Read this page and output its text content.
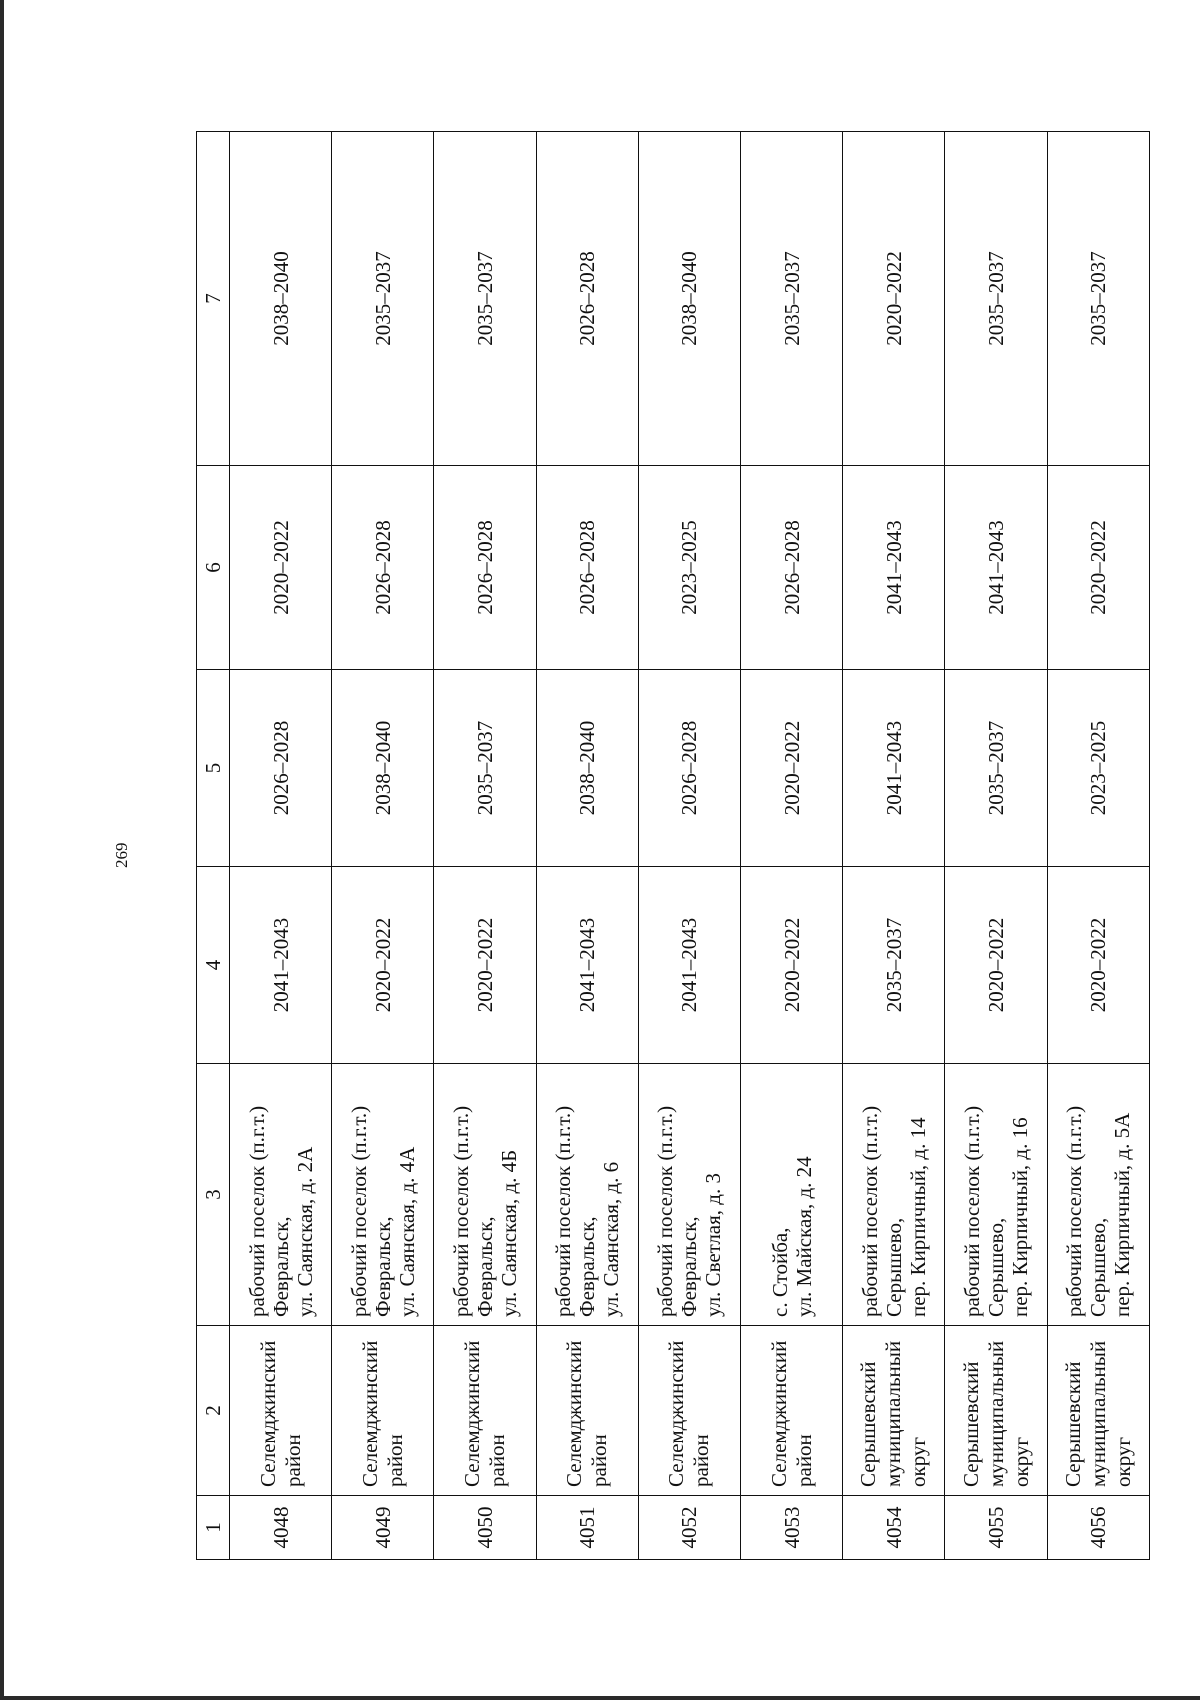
269
1	2	3	4	5	6	7
4048	Селемджинский район	рабочий поселок (п.г.т.) Февральск, ул. Саянская, д. 2А	2041–2043	2026–2028	2020–2022	2038–2040
4049	Селемджинский район	рабочий поселок (п.г.т.) Февральск, ул. Саянская, д. 4А	2020–2022	2038–2040	2026–2028	2035–2037
4050	Селемджинский район	рабочий поселок (п.г.т.) Февральск, ул. Саянская, д. 4Б	2020–2022	2035–2037	2026–2028	2035–2037
4051	Селемджинский район	рабочий поселок (п.г.т.) Февральск, ул. Саянская, д. 6	2041–2043	2038–2040	2026–2028	2026–2028
4052	Селемджинский район	рабочий поселок (п.г.т.) Февральск, ул. Светлая, д. 3	2041–2043	2026–2028	2023–2025	2038–2040
4053	Селемджинский район	с. Стойба, ул. Майская, д. 24	2020–2022	2020–2022	2026–2028	2035–2037
4054	Серышевский муниципальный округ	рабочий поселок (п.г.т.) Серышево, пер. Кирпичный, д. 14	2035–2037	2041–2043	2041–2043	2020–2022
4055	Серышевский муниципальный округ	рабочий поселок (п.г.т.) Серышево, пер. Кирпичный, д. 16	2020–2022	2035–2037	2041–2043	2035–2037
4056	Серышевский муниципальный округ	рабочий поселок (п.г.т.) Серышево, пер. Кирпичный, д. 5А	2020–2022	2023–2025	2020–2022	2035–2037
